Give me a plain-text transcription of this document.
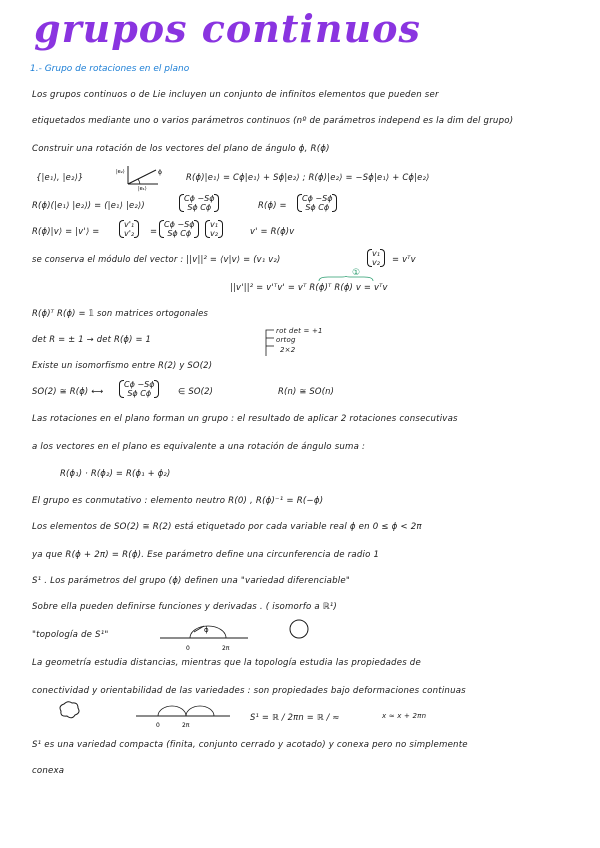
grupos continuos
1.- Grupo de rotaciones en el plano
Los grupos continuos o de Lie incluyen un conjunto de infinitos elementos que pueden ser
etiquetados mediante uno o varios parámetros continuos (nº de parámetros independ es la dim del grupo)
Construir una rotación de los vectores del plano de ángulo ϕ, R(ϕ)
{|e₁⟩, |e₂⟩}	|e₂⟩
|e₁⟩
ϕ	R(ϕ)|e₁⟩ = Cϕ|e₁⟩ + Sϕ|e₂⟩ ; R(ϕ)|e₂⟩ = −Sϕ|e₁⟩ + Cϕ|e₂⟩
R(ϕ)(|e₁⟩ |e₂⟩) = (|e₁⟩ |e₂⟩)
Cϕ −Sϕ
Sϕ Cϕ	R(ϕ) =
Cϕ −Sϕ
Sϕ Cϕ
R(ϕ)|v⟩ = |v'⟩ =
v'₁
v'₂ =
Cϕ −Sϕ
Sϕ Cϕ
v₁
v₂	v' = R(ϕ)v
se conserva el módulo del vector : ||v||² = ⟨v|v⟩ = (v₁ v₂)
v₁
v₂ = vᵀv
①
||v'||² = v'ᵀv' = vᵀ R(ϕ)ᵀ R(ϕ) v = vᵀv
R(ϕ)ᵀ R(ϕ) = 𝟙 son matrices ortogonales
det R = ± 1 → det R(ϕ) = 1
rot det = +1
ortog
2×2
Existe un isomorfismo entre R(2) y SO(2)
SO(2) ≅ R(ϕ) ⟷
Cϕ −Sϕ
Sϕ Cϕ	∈ SO(2)	R(n) ≅ SO(n)
Las rotaciones en el plano forman un grupo : el resultado de aplicar 2 rotaciones consecutivas
a los vectores en el plano es equivalente a una rotación de ángulo suma :
R(ϕ₁) · R(ϕ₂) = R(ϕ₁ + ϕ₂)
El grupo es conmutativo : elemento neutro R(0) , R(ϕ)⁻¹ = R(−ϕ)
Los elementos de SO(2) ≅ R(2) está etiquetado por cada variable real ϕ en 0 ≤ ϕ < 2π
ya que R(ϕ + 2π) = R(ϕ). Ese parámetro define una circunferencia de radio 1
S¹ . Los parámetros del grupo (ϕ) definen una "variedad diferenciable"
Sobre ella pueden definirse funciones y derivadas . ( isomorfo a ℝ¹)
"topología de S¹"	ϕ
0	2π
La geometría estudia distancias, mientras que la topología estudia las propiedades de
conectividad y orientabilidad de las variedades : son propiedades bajo deformaciones continuas
0	2π
S¹ = ℝ / 2πn = ℝ / ≈	x ≈ x + 2πn
S¹ es una variedad compacta (finita, conjunto cerrado y acotado) y conexa pero no simplemente
conexa
